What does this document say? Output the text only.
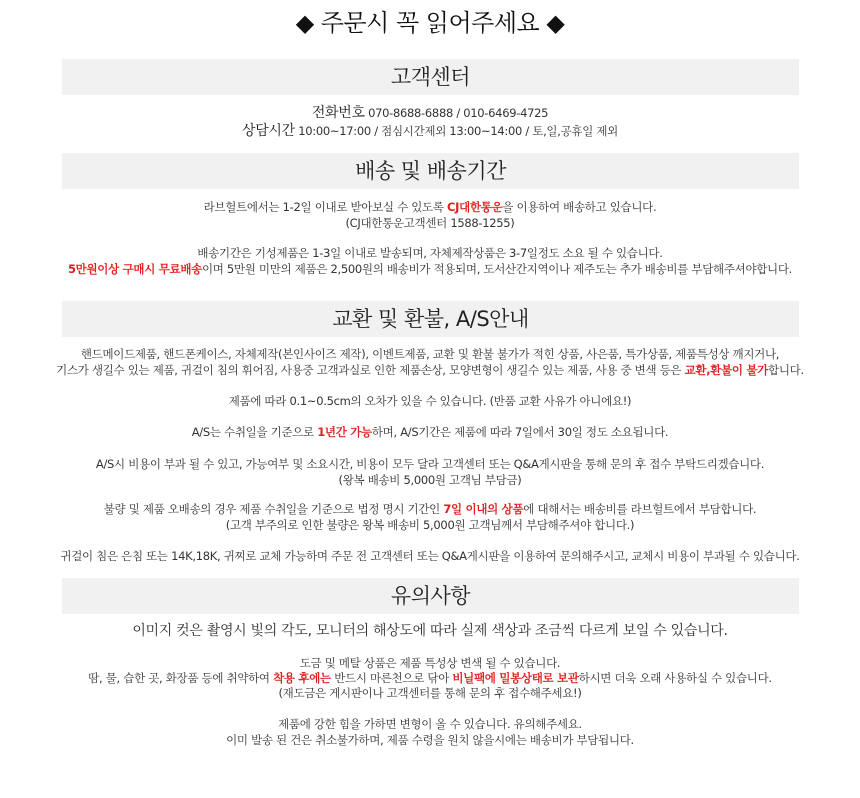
◆ 주문시 꼭 읽어주세요 ◆
고객센터
전화번호 070-8688-6888 / 010-6469-4725
상담시간 10:00~17:00 / 점심시간제외 13:00~14:00 / 토,일,공휴일 제외
배송 및 배송기간
라브헐트에서는 1-2일 이내로 받아보실 수 있도록 CJ대한통운을 이용하여 배송하고 있습니다.
(CJ대한통운고객센터 1588-1255)
배송기간은 기성제품은 1-3일 이내로 발송되며, 자체제작상품은 3-7일정도 소요 될 수 있습니다.
5만원이상 구매시 무료배송이며 5만원 미만의 제품은 2,500원의 배송비가 적용되며, 도서산간지역이나 제주도는 추가 배송비를 부담해주셔야합니다.
교환 및 환불, A/S안내
핸드메이드제품, 핸드폰케이스, 자체제작(본인사이즈 제작), 이벤트제품, 교환 및 환불 불가가 적힌 상품, 사은품, 특가상품, 제품특성상 깨지거나,
기스가 생길수 있는 제품, 귀걸이 침의 휘어짐, 사용중 고객과실로 인한 제품손상, 모양변형이 생길수 있는 제품, 사용 중 변색 등은 교환,환불이 불가합니다.
제품에 따라 0.1~0.5cm의 오차가 있을 수 있습니다. (반품 교환 사유가 아니에요!)
A/S는 수취일을 기준으로 1년간 가능하며, A/S기간은 제품에 따라 7일에서 30일 정도 소요됩니다.
A/S시 비용이 부과 될 수 있고, 가능여부 및 소요시간, 비용이 모두 달라 고객센터 또는 Q&A게시판을 통해 문의 후 접수 부탁드리겠습니다.
(왕복 배송비 5,000원 고객님 부담금)
불량 및 제품 오배송의 경우 제품 수취일을 기준으로 법정 명시 기간인 7일 이내의 상품에 대해서는 배송비를 라브헐트에서 부담합니다.
(고객 부주의로 인한 불량은 왕복 배송비 5,000원 고객님께서 부담해주셔야 합니다.)
귀걸이 침은 은침 또는 14K,18K, 귀찌로 교체 가능하며 주문 전 고객센터 또는 Q&A게시판을 이용하여 문의해주시고, 교체시 비용이 부과될 수 있습니다.
유의사항
이미지 컷은 촬영시 빛의 각도, 모니터의 해상도에 따라 실제 색상과 조금씩 다르게 보일 수 있습니다.
도금 및 메탈 상품은 제품 특성상 변색 될 수 있습니다.
땀, 물, 습한 곳, 화장품 등에 취약하여 착용 후에는 반드시 마른천으로 닦아 비닐팩에 밀봉상태로 보관하시면 더욱 오래 사용하실 수 있습니다.
(재도금은 게시판이나 고객센터를 통해 문의 후 접수해주세요!)
제품에 강한 힘을 가하면 변형이 올 수 있습니다. 유의해주세요.
이미 발송 된 건은 취소불가하며, 제품 수령을 원치 않을시에는 배송비가 부담됩니다.
